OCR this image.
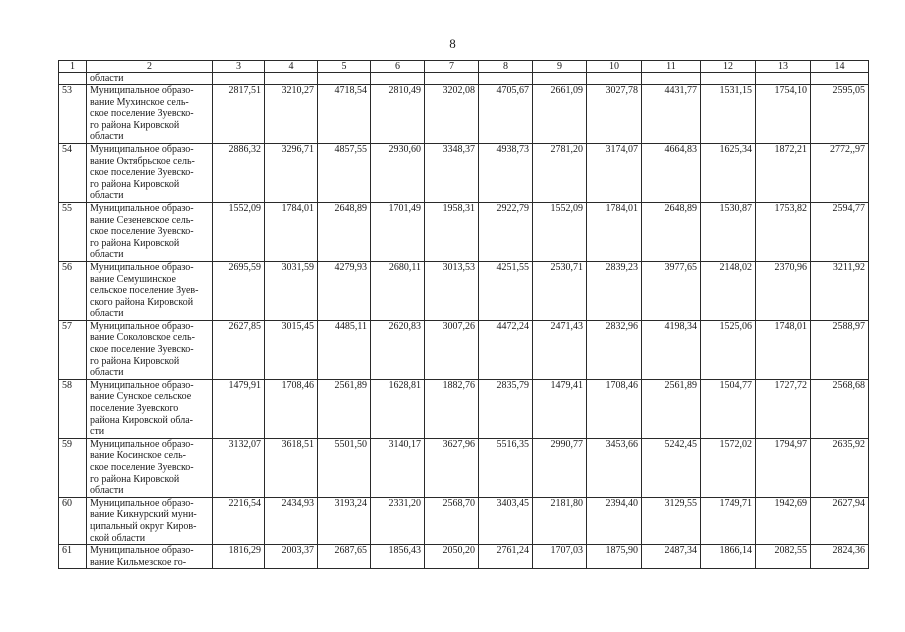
8
1	2	3	4	5	6	7	8	9	10	11	12	13	14

	области												

53	Муниципальное образо-
вание Мухинское сель-
ское поселение Зуевско-
го района Кировской
области	2817,51	3210,27	4718,54	2810,49	3202,08	4705,67	2661,09	3027,78	4431,77	1531,15	1754,10	2595,05
54	Муниципальное образо-
вание Октябрьское сель-
ское поселение Зуевско-
го района Кировской
области	2886,32	3296,71	4857,55	2930,60	3348,37	4938,73	2781,20	3174,07	4664,83	1625,34	1872,21	2772,,97
55	Муниципальное образо-
вание Сезеневское сель-
ское поселение Зуевско-
го района Кировской
области	1552,09	1784,01	2648,89	1701,49	1958,31	2922,79	1552,09	1784,01	2648,89	1530,87	1753,82	2594,77
56	Муниципальное образо-
вание Семушинское
сельское поселение Зуев-
ского района Кировской
области	2695,59	3031,59	4279,93	2680,11	3013,53	4251,55	2530,71	2839,23	3977,65	2148,02	2370,96	3211,92
57	Муниципальное образо-
вание Соколовское сель-
ское поселение Зуевско-
го района Кировской
области	2627,85	3015,45	4485,11	2620,83	3007,26	4472,24	2471,43	2832,96	4198,34	1525,06	1748,01	2588,97
58	Муниципальное образо-
вание Сунское сельское
поселение Зуевского
района Кировской обла-
сти	1479,91	1708,46	2561,89	1628,81	1882,76	2835,79	1479,41	1708,46	2561,89	1504,77	1727,72	2568,68
59	Муниципальное образо-
вание Косинское сель-
ское поселение Зуевско-
го района Кировской
области	3132,07	3618,51	5501,50	3140,17	3627,96	5516,35	2990,77	3453,66	5242,45	1572,02	1794,97	2635,92
60	Муниципальное образо-
вание Кикнурский муни-
ципальный округ Киров-
ской области	2216,54	2434,93	3193,24	2331,20	2568,70	3403,45	2181,80	2394,40	3129,55	1749,71	1942,69	2627,94
61	Муниципальное образо-
вание Кильмезское го-	1816,29	2003,37	2687,65	1856,43	2050,20	2761,24	1707,03	1875,90	2487,34	1866,14	2082,55	2824,36
